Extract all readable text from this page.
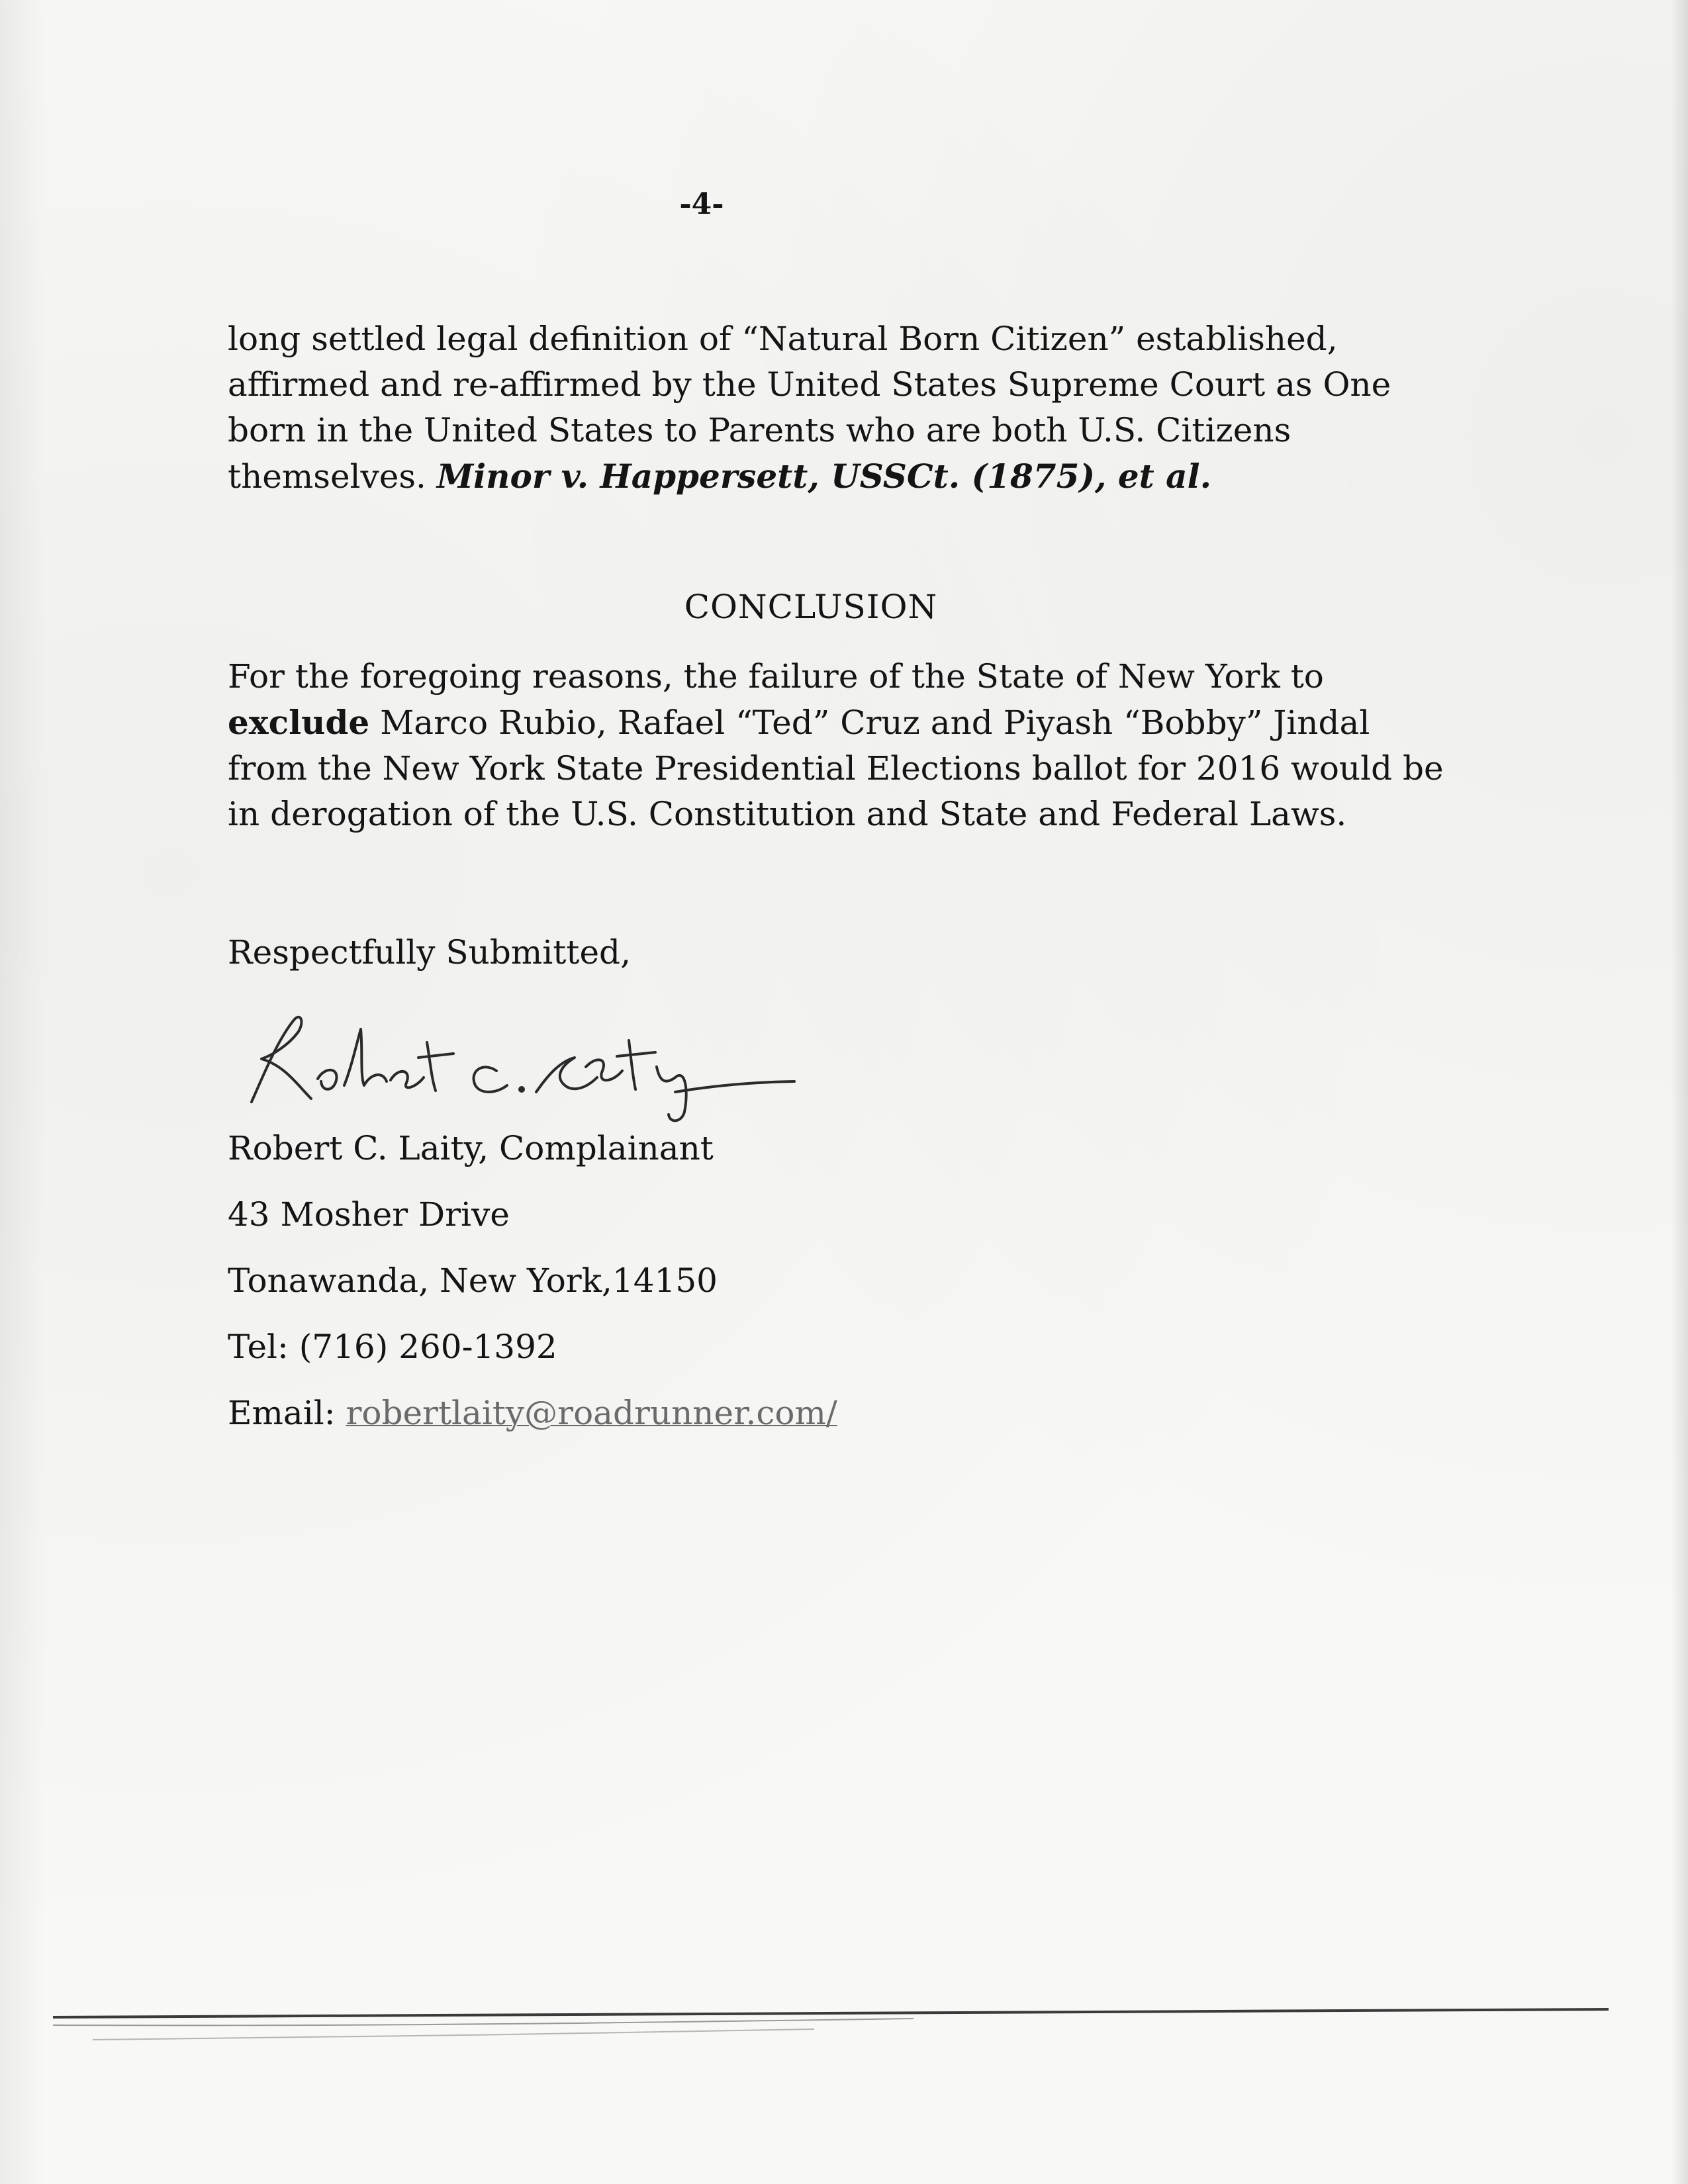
-4-

long settled legal definition of “Natural Born Citizen” established,
affirmed and re-affirmed by the United States Supreme Court as One
born in the United States to Parents who are both U.S. Citizens
themselves. Minor v. Happersett, USSCt. (1875), et al.

CONCLUSION

For the foregoing reasons, the failure of the State of New York to
exclude Marco Rubio, Rafael “Ted” Cruz and Piyash “Bobby” Jindal
from the New York State Presidential Elections ballot for 2016 would be
in derogation of the U.S. Constitution and State and Federal Laws.

Respectfully Submitted,
Robert C. Laity, Complainant
43 Mosher Drive
Tonawanda, New York,14150
Tel: (716) 260-1392
Email: robertlaity@roadrunner.com/
